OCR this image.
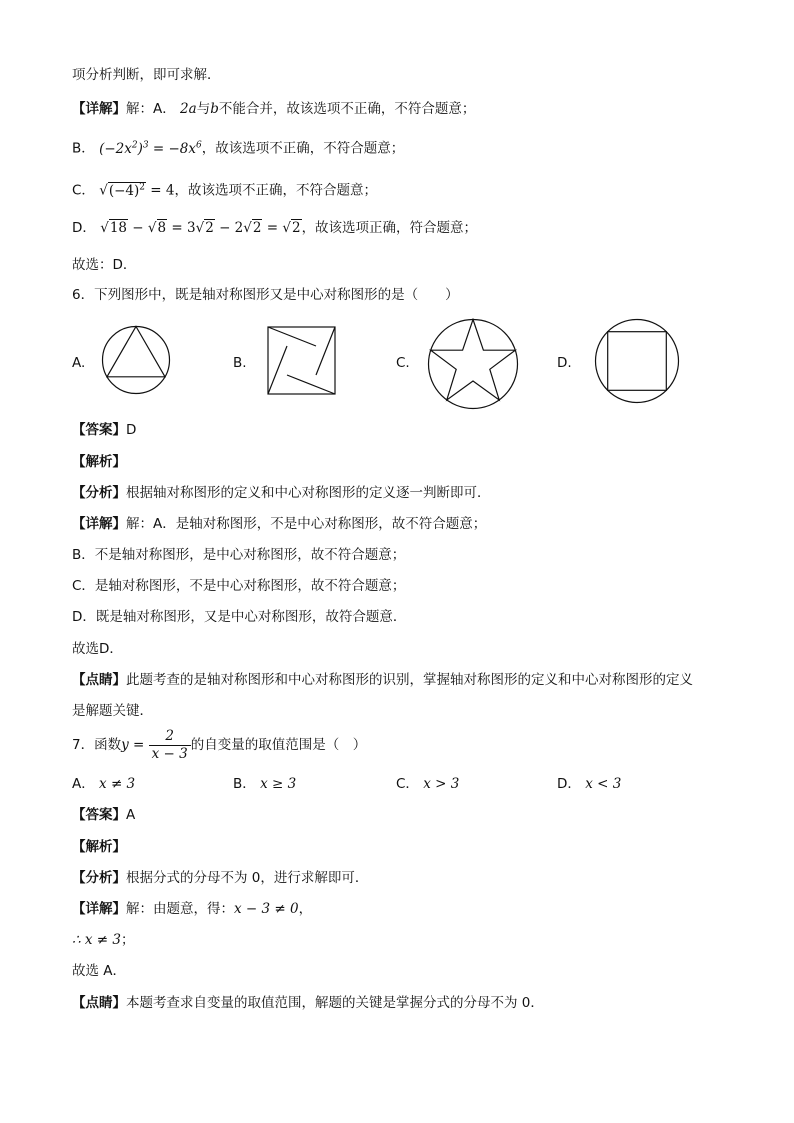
项分析判断，即可求解．
【详解】解：A． 2a与b不能合并，故该选项不正确，不符合题意；
B． $(-2x^2)^3 = -8x^6$，故该选项不正确，不符合题意；
C． $√(-4)^2 = 4$，故该选项不正确，不符合题意；
D． √18 − √8 = 3√2 − 2√2 = √2，故该选项正确，符合题意；
故选：D．
6．下列图形中，既是轴对称图形又是中心对称图形的是（　　）
A.	B.	C.	D.
【答案】D
【解析】
【分析】根据轴对称图形的定义和中心对称图形的定义逐一判断即可．
【详解】解：A．是轴对称图形，不是中心对称图形，故不符合题意；
B．不是轴对称图形，是中心对称图形，故不符合题意；
C．是轴对称图形，不是中心对称图形，故不符合题意；
D．既是轴对称图形，又是中心对称图形，故符合题意．
故选D．
【点睛】此题考查的是轴对称图形和中心对称图形的识别，掌握轴对称图形的定义和中心对称图形的定义
是解题关键．
7．函数$y = \frac{2}{x - 3}$ 的自变量的取值范围是（　）
A． x ≠ 3	B． x ≥ 3	C． x > 3	D． x < 3
【答案】A
【解析】
【分析】根据分式的分母不为 0，进行求解即可．
【详解】解：由题意，得：x − 3 ≠ 0，
∴ x ≠ 3；
故选 A．
【点睛】本题考查求自变量的取值范围，解题的关键是掌握分式的分母不为 0．
